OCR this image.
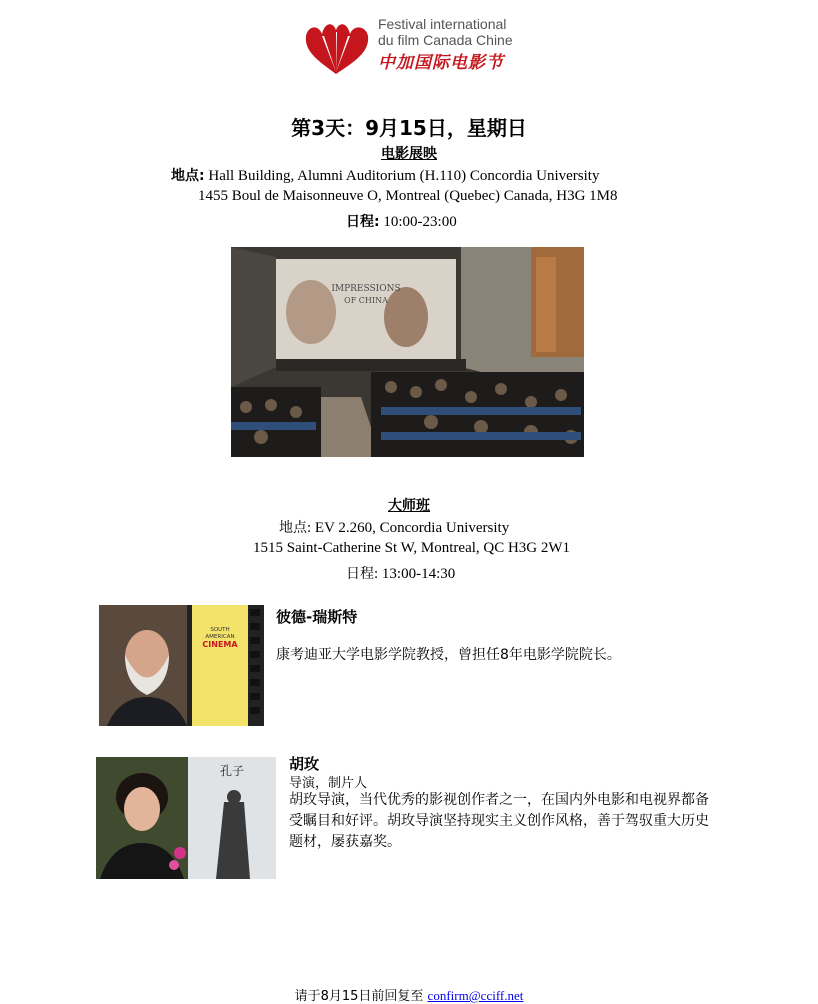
Festival international
du film Canada Chine
中加国际电影节
第3天：9月15日，星期日
电影展映
地点: Hall Building, Alumni Auditorium (H.110) Concordia University
1455 Boul de Maisonneuve O, Montreal (Quebec) Canada, H3G 1M8
日程: 10:00-23:00
IMPRESSIONS
OF CHINA
大师班
地点: EV 2.260, Concordia University
1515 Saint-Catherine St W, Montreal, QC H3G 2W1
日程: 13:00-14:30
SOUTH
AMERICAN
CINEMA
彼德-瑞斯特
康考迪亚大学电影学院教授，曾担任8年电影学院院长。
孔子	胡玫
导演，制片人
胡玫导演，当代优秀的影视创作者之一，在国内外电影和电视界都备受瞩目和好评。胡玫导演坚持现实主义创作风格，善于驾驭重大历史题材，屡获嘉奖。
请于8月15日前回复至 confirm@cciff.net
